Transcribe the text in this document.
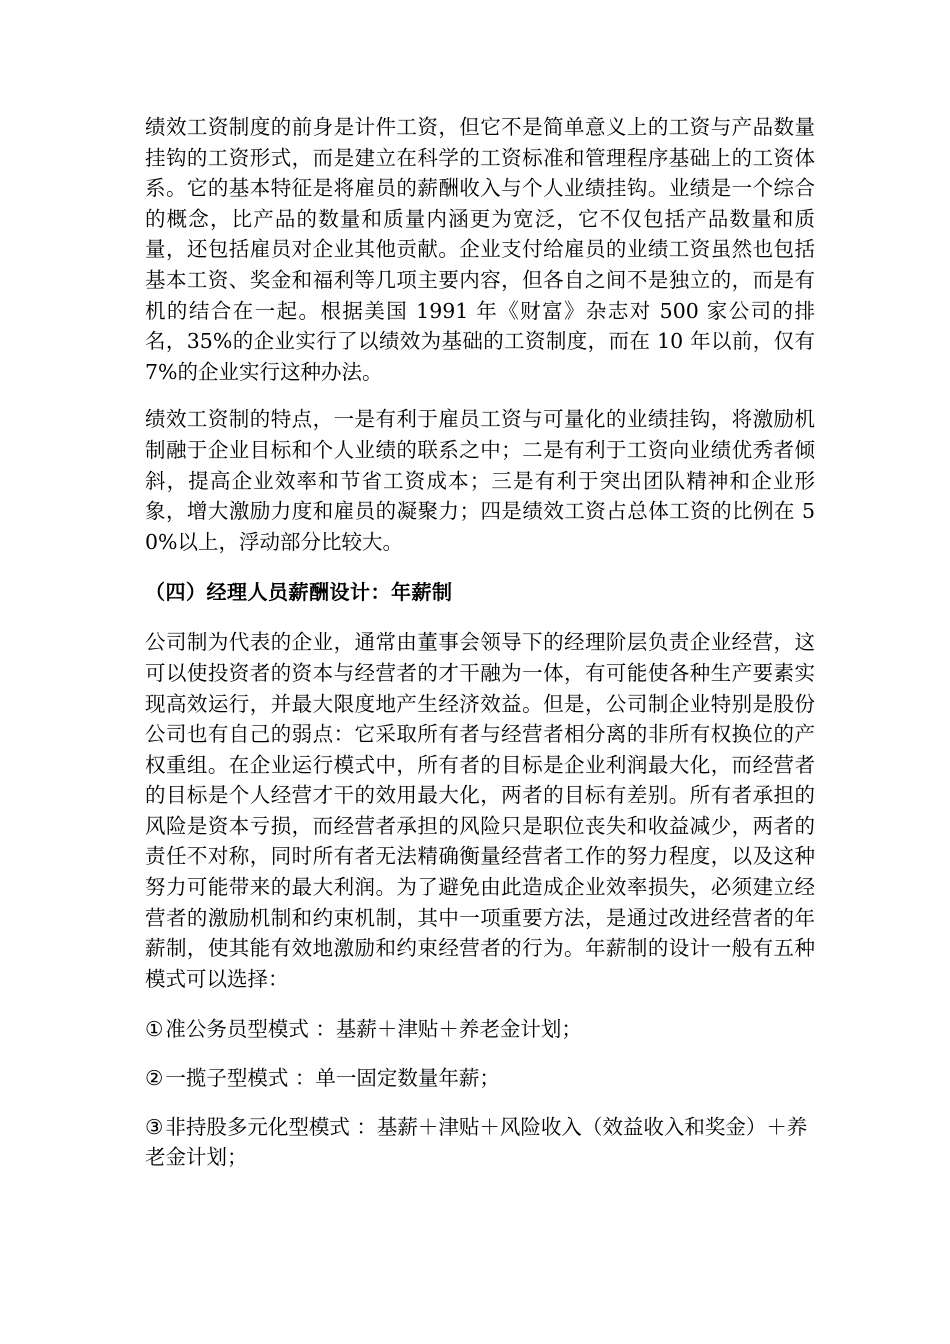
绩效工资制度的前身是计件工资，但它不是简单意义上的工资与产品数量挂钩的工资形式，而是建立在科学的工资标准和管理程序基础上的工资体系。它的基本特征是将雇员的薪酬收入与个人业绩挂钩。业绩是一个综合的概念，比产品的数量和质量内涵更为宽泛，它不仅包括产品数量和质量，还包括雇员对企业其他贡献。企业支付给雇员的业绩工资虽然也包括基本工资、奖金和福利等几项主要内容，但各自之间不是独立的，而是有机的结合在一起。根据美国 1991 年《财富》杂志对 500 家公司的排名，35%的企业实行了以绩效为基础的工资制度，而在 10 年以前，仅有 7%的企业实行这种办法。

绩效工资制的特点，一是有利于雇员工资与可量化的业绩挂钩，将激励机制融于企业目标和个人业绩的联系之中；二是有利于工资向业绩优秀者倾斜，提高企业效率和节省工资成本；三是有利于突出团队精神和企业形象，增大激励力度和雇员的凝聚力；四是绩效工资占总体工资的比例在 50%以上，浮动部分比较大。

（四）经理人员薪酬设计：年薪制

公司制为代表的企业，通常由董事会领导下的经理阶层负责企业经营，这可以使投资者的资本与经营者的才干融为一体，有可能使各种生产要素实现高效运行，并最大限度地产生经济效益。但是，公司制企业特别是股份公司也有自己的弱点：它采取所有者与经营者相分离的非所有权换位的产权重组。在企业运行模式中，所有者的目标是企业利润最大化，而经营者的目标是个人经营才干的效用最大化，两者的目标有差别。所有者承担的风险是资本亏损，而经营者承担的风险只是职位丧失和收益减少，两者的责任不对称，同时所有者无法精确衡量经营者工作的努力程度，以及这种努力可能带来的最大利润。为了避免由此造成企业效率损失，必须建立经营者的激励机制和约束机制，其中一项重要方法，是通过改进经营者的年薪制，使其能有效地激励和约束经营者的行为。年薪制的设计一般有五种模式可以选择：

①准公务员型模式 ：基薪＋津贴＋养老金计划；
②一揽子型模式 ：单一固定数量年薪；
③非持股多元化型模式 ：基薪＋津贴＋风险收入（效益收入和奖金）＋养老金计划；
